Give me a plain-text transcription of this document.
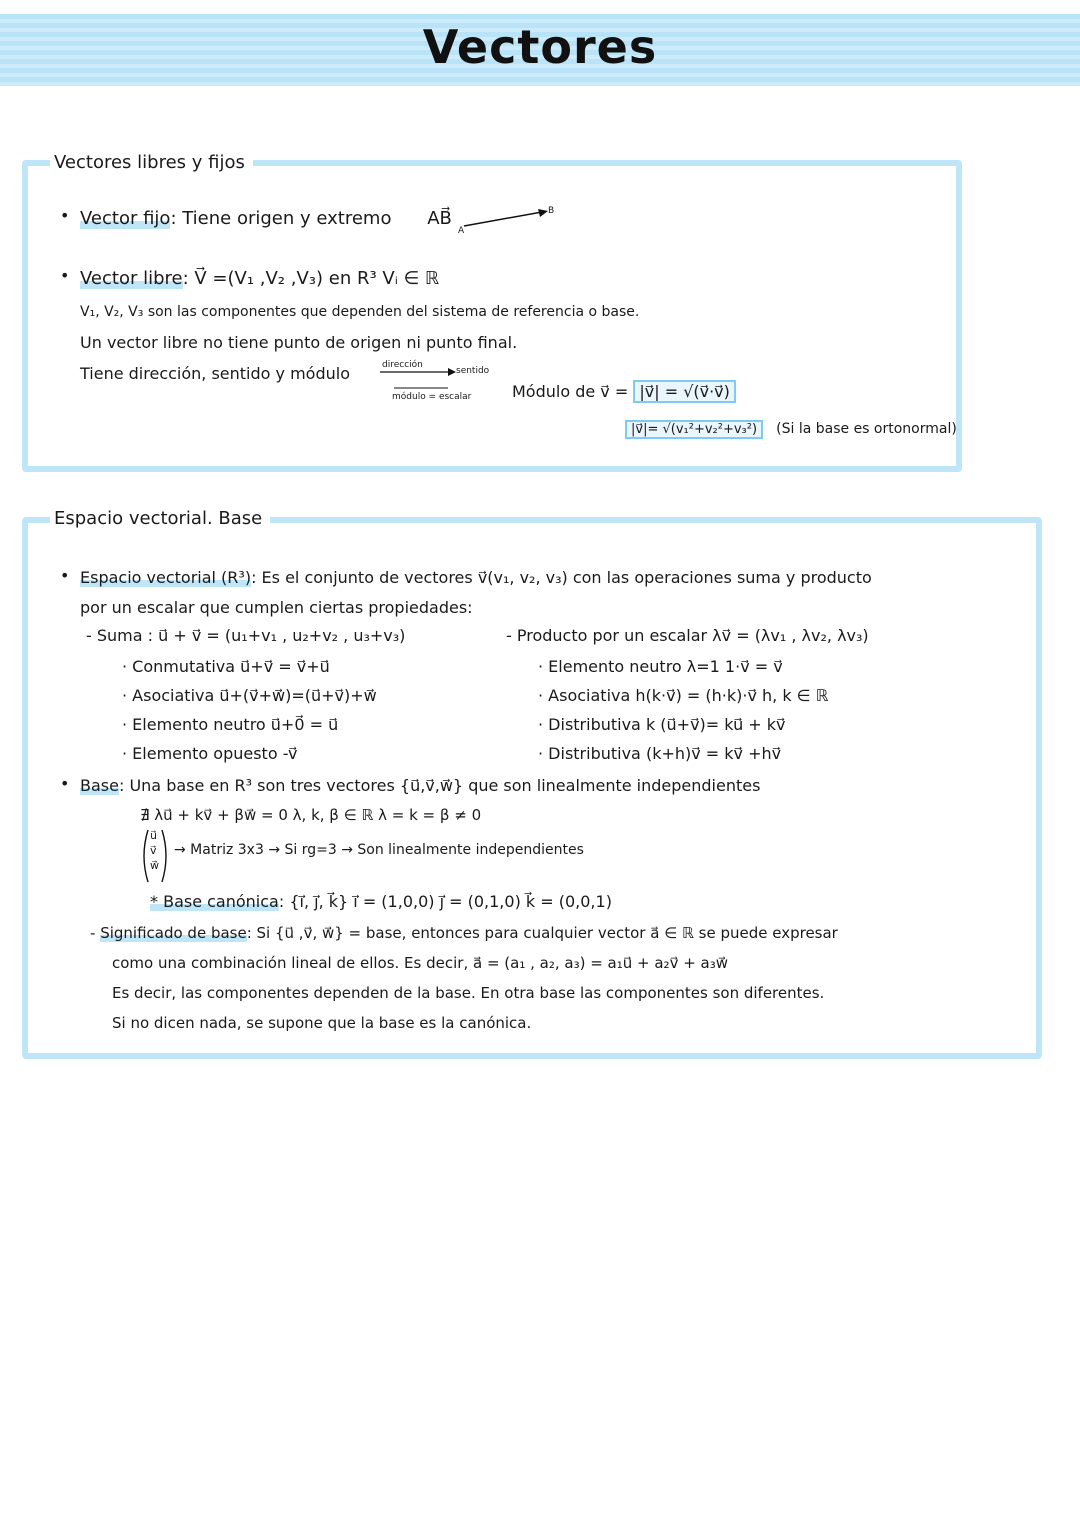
Vectores
Vectores libres y fijos
• Vector fijo: Tiene origen y extremo AB⃗
A
B
• Vector libre: V⃗ =(V₁ ,V₂ ,V₃) en R³ Vᵢ ∈ ℝ
V₁, V₂, V₃ son las componentes que dependen del sistema de referencia o base.
Un vector libre no tiene punto de origen ni punto final.
Tiene dirección, sentido y módulo	dirección
sentido
módulo = escalar	Módulo de v⃗ = |v⃗| = √(v⃗·v⃗)
|v⃗|= √(v₁²+v₂²+v₃²) (Si la base es ortonormal)
Espacio vectorial. Base
• Espacio vectorial (R³): Es el conjunto de vectores v⃗(v₁, v₂, v₃) con las operaciones suma y producto
por un escalar que cumplen ciertas propiedades:
- Suma : u⃗ + v⃗ = (u₁+v₁ , u₂+v₂ , u₃+v₃)
· Conmutativa u⃗+v⃗ = v⃗+u⃗
· Asociativa u⃗+(v⃗+w⃗)=(u⃗+v⃗)+w⃗
· Elemento neutro u⃗+0⃗ = u⃗
· Elemento opuesto -v⃗
- Producto por un escalar λv⃗ = (λv₁ , λv₂, λv₃)
· Elemento neutro λ=1 1·v⃗ = v⃗
· Asociativa h(k·v⃗) = (h·k)·v⃗ h, k ∈ ℝ
· Distributiva k (u⃗+v⃗)= ku⃗ + kv⃗
· Distributiva (k+h)v⃗ = kv⃗ +hv⃗
• Base: Una base en R³ son tres vectores {u⃗,v⃗,w⃗} que son linealmente independientes
∄ λu⃗ + kv⃗ + βw⃗ = 0 λ, k, β ∈ ℝ λ = k = β ≠ 0
u⃗
v⃗
w⃗
→ Matriz 3x3 → Si rg=3 → Son linealmente independientes
* Base canónica: {i⃗, j⃗, k⃗} i⃗ = (1,0,0) j⃗ = (0,1,0) k⃗ = (0,0,1)
- Significado de base: Si {u⃗ ,v⃗, w⃗} = base, entonces para cualquier vector a⃗ ∈ ℝ se puede expresar
como una combinación lineal de ellos. Es decir, a⃗ = (a₁ , a₂, a₃) = a₁u⃗ + a₂v⃗ + a₃w⃗
Es decir, las componentes dependen de la base. En otra base las componentes son diferentes.
Si no dicen nada, se supone que la base es la canónica.
